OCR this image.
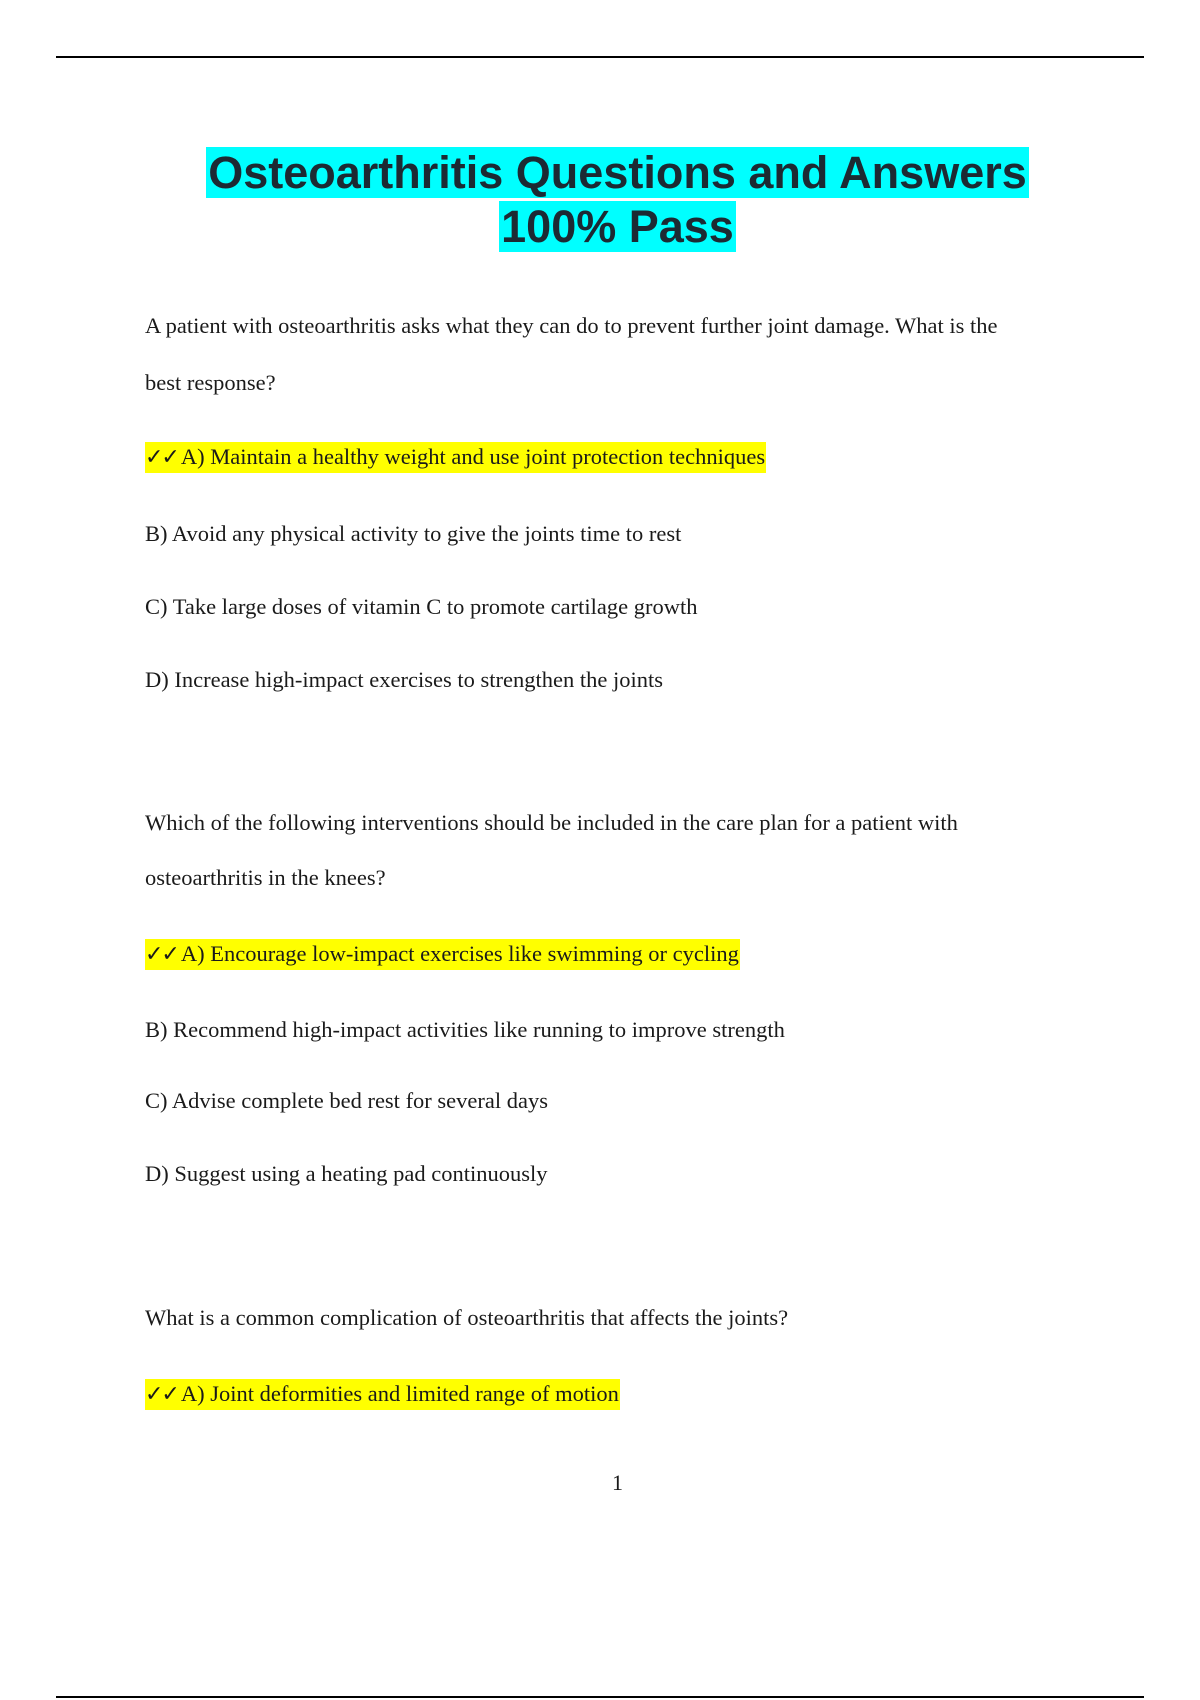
Osteoarthritis Questions and Answers
100% Pass
A patient with osteoarthritis asks what they can do to prevent further joint damage. What is the
best response?
✓✓ A) Maintain a healthy weight and use joint protection techniques
B) Avoid any physical activity to give the joints time to rest
C) Take large doses of vitamin C to promote cartilage growth
D) Increase high-impact exercises to strengthen the joints
Which of the following interventions should be included in the care plan for a patient with
osteoarthritis in the knees?
✓✓ A) Encourage low-impact exercises like swimming or cycling
B) Recommend high-impact activities like running to improve strength
C) Advise complete bed rest for several days
D) Suggest using a heating pad continuously
What is a common complication of osteoarthritis that affects the joints?
✓✓ A) Joint deformities and limited range of motion
1
